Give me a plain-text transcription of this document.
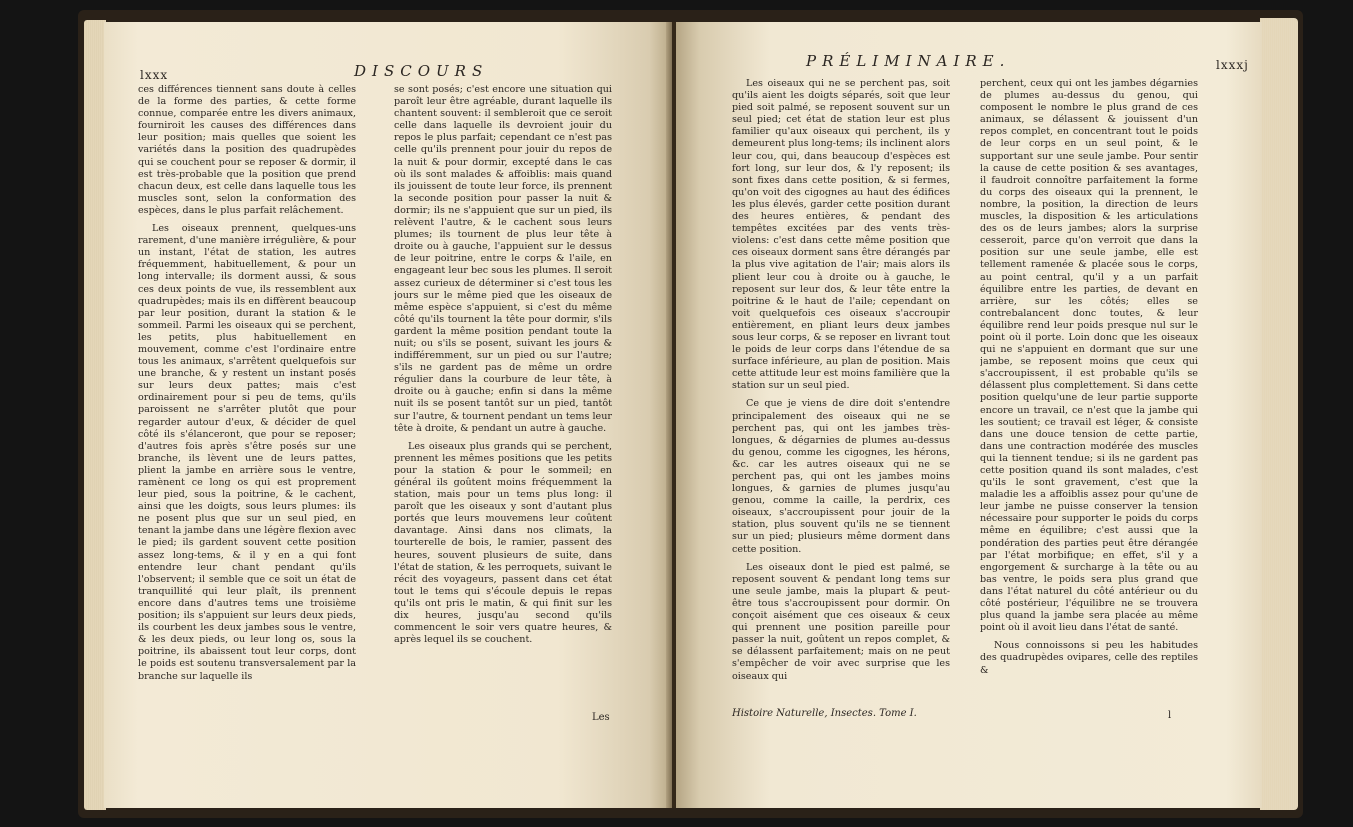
lxxx	DISCOURS

ces différences tiennent sans doute à celles de la forme des parties, & cette forme connue, comparée entre les divers animaux, fourniroit les causes des différences dans leur position; mais quelles que soient les variétés dans la position des quadrupèdes qui se couchent pour se reposer & dormir, il est très-probable que la position que prend chacun deux, est celle dans laquelle tous les muscles sont, selon la conformation des espèces, dans le plus parfait relâchement.

Les oiseaux prennent, quelques-uns rarement, d'une manière irrégulière, & pour un instant, l'état de station, les autres fréquemment, habituellement, & pour un long intervalle; ils dorment aussi, & sous ces deux points de vue, ils ressemblent aux quadrupèdes; mais ils en diffèrent beaucoup par leur position, durant la station & le sommeil. Parmi les oiseaux qui se perchent, les petits, plus habituellement en mouvement, comme c'est l'ordinaire entre tous les animaux, s'arrêtent quelquefois sur une branche, & y restent un instant posés sur leurs deux pattes; mais c'est ordinairement pour si peu de tems, qu'ils paroissent ne s'arrêter plutôt que pour regarder autour d'eux, & décider de quel côté ils s'élanceront, que pour se reposer; d'autres fois après s'être posés sur une branche, ils lèvent une de leurs pattes, plient la jambe en arrière sous le ventre, ramènent ce long os qui est proprement leur pied, sous la poitrine, & le cachent, ainsi que les doigts, sous leurs plumes: ils ne posent plus que sur un seul pied, en tenant la jambe dans une légère flexion avec le pied; ils gardent souvent cette position assez long-tems, & il y en a qui font entendre leur chant pendant qu'ils l'observent; il semble que ce soit un état de tranquillité qui leur plaît, ils prennent encore dans d'autres tems une troisième position; ils s'appuient sur leurs deux pieds, ils courbent les deux jambes sous le ventre, & les deux pieds, ou leur long os, sous la poitrine, ils abaissent tout leur corps, dont le poids est soutenu transversalement par la branche sur laquelle ils

se sont posés; c'est encore une situation qui paroît leur être agréable, durant laquelle ils chantent souvent: il sembleroit que ce seroit celle dans laquelle ils devroient jouir du repos le plus parfait; cependant ce n'est pas celle qu'ils prennent pour jouir du repos de la nuit & pour dormir, excepté dans le cas où ils sont malades & affoiblis: mais quand ils jouissent de toute leur force, ils prennent la seconde position pour passer la nuit & dormir; ils ne s'appuient que sur un pied, ils relèvent l'autre, & le cachent sous leurs plumes; ils tournent de plus leur tête à droite ou à gauche, l'appuient sur le dessus de leur poitrine, entre le corps & l'aile, en engageant leur bec sous les plumes. Il seroit assez curieux de déterminer si c'est tous les jours sur le même pied que les oiseaux de même espèce s'appuient, si c'est du même côté qu'ils tournent la tête pour dormir, s'ils gardent la même position pendant toute la nuit; ou s'ils se posent, suivant les jours & indifféremment, sur un pied ou sur l'autre; s'ils ne gardent pas de même un ordre régulier dans la courbure de leur tête, à droite ou à gauche; enfin si dans la même nuit ils se posent tantôt sur un pied, tantôt sur l'autre, & tournent pendant un tems leur tête à droite, & pendant un autre à gauche.

Les oiseaux plus grands qui se perchent, prennent les mêmes positions que les petits pour la station & pour le sommeil; en général ils goûtent moins fréquemment la station, mais pour un tems plus long: il paroît que les oiseaux y sont d'autant plus portés que leurs mouvemens leur coûtent davantage. Ainsi dans nos climats, la tourterelle de bois, le ramier, passent des heures, souvent plusieurs de suite, dans l'état de station, & les perroquets, suivant le récit des voyageurs, passent dans cet état tout le tems qui s'écoule depuis le repas qu'ils ont pris le matin, & qui finit sur les dix heures, jusqu'au second qu'ils commencent le soir vers quatre heures, & après lequel ils se couchent.

Les
PRÉLIMINAIRE.	lxxxj

Les oiseaux qui ne se perchent pas, soit qu'ils aient les doigts séparés, soit que leur pied soit palmé, se reposent souvent sur un seul pied; cet état de station leur est plus familier qu'aux oiseaux qui perchent, ils y demeurent plus long-tems; ils inclinent alors leur cou, qui, dans beaucoup d'espèces est fort long, sur leur dos, & l'y reposent; ils sont fixes dans cette position, & si fermes, qu'on voit des cigognes au haut des édifices les plus élevés, garder cette position durant des heures entières, & pendant des tempêtes excitées par des vents très-violens: c'est dans cette même position que ces oiseaux dorment sans être dérangés par la plus vive agitation de l'air; mais alors ils plient leur cou à droite ou à gauche, le reposent sur leur dos, & leur tête entre la poitrine & le haut de l'aile; cependant on voit quelquefois ces oiseaux s'accroupir entièrement, en pliant leurs deux jambes sous leur corps, & se reposer en livrant tout le poids de leur corps dans l'étendue de sa surface inférieure, au plan de position. Mais cette attitude leur est moins familière que la station sur un seul pied.

Ce que je viens de dire doit s'entendre principalement des oiseaux qui ne se perchent pas, qui ont les jambes très-longues, & dégarnies de plumes au-dessus du genou, comme les cigognes, les hérons, &c. car les autres oiseaux qui ne se perchent pas, qui ont les jambes moins longues, & garnies de plumes jusqu'au genou, comme la caille, la perdrix, ces oiseaux, s'accroupissent pour jouir de la station, plus souvent qu'ils ne se tiennent sur un pied; plusieurs même dorment dans cette position.

Les oiseaux dont le pied est palmé, se reposent souvent & pendant long tems sur une seule jambe, mais la plupart & peut-être tous s'accroupissent pour dormir. On conçoit aisément que ces oiseaux & ceux qui prennent une position pareille pour passer la nuit, goûtent un repos complet, & se délassent parfaitement; mais on ne peut s'empêcher de voir avec surprise que les oiseaux qui

perchent, ceux qui ont les jambes dégarnies de plumes au-dessus du genou, qui composent le nombre le plus grand de ces animaux, se délassent & jouissent d'un repos complet, en concentrant tout le poids de leur corps en un seul point, & le supportant sur une seule jambe. Pour sentir la cause de cette position & ses avantages, il faudroit connoître parfaitement la forme du corps des oiseaux qui la prennent, le nombre, la position, la direction de leurs muscles, la disposition & les articulations des os de leurs jambes; alors la surprise cesseroit, parce qu'on verroit que dans la position sur une seule jambe, elle est tellement ramenée & placée sous le corps, au point central, qu'il y a un parfait équilibre entre les parties, de devant en arrière, sur les côtés; elles se contrebalancent donc toutes, & leur équilibre rend leur poids presque nul sur le point où il porte. Loin donc que les oiseaux qui ne s'appuient en dormant que sur une jambe, se reposent moins que ceux qui s'accroupissent, il est probable qu'ils se délassent plus complettement. Si dans cette position quelqu'une de leur partie supporte encore un travail, ce n'est que la jambe qui les soutient; ce travail est léger, & consiste dans une douce tension de cette partie, dans une contraction modérée des muscles qui la tiennent tendue; si ils ne gardent pas cette position quand ils sont malades, c'est qu'ils le sont gravement, c'est que la maladie les a affoiblis assez pour qu'une de leur jambe ne puisse conserver la tension nécessaire pour supporter le poids du corps même en équilibre; c'est aussi que la pondération des parties peut être dérangée par l'état morbifique; en effet, s'il y a engorgement & surcharge à la tête ou au bas ventre, le poids sera plus grand que dans l'état naturel du côté antérieur ou du côté postérieur, l'équilibre ne se trouvera plus quand la jambe sera placée au même point où il avoit lieu dans l'état de santé.

Nous connoissons si peu les habitudes des quadrupèdes ovipares, celle des reptiles &

Histoire Naturelle, Insectes. Tome I.	l
